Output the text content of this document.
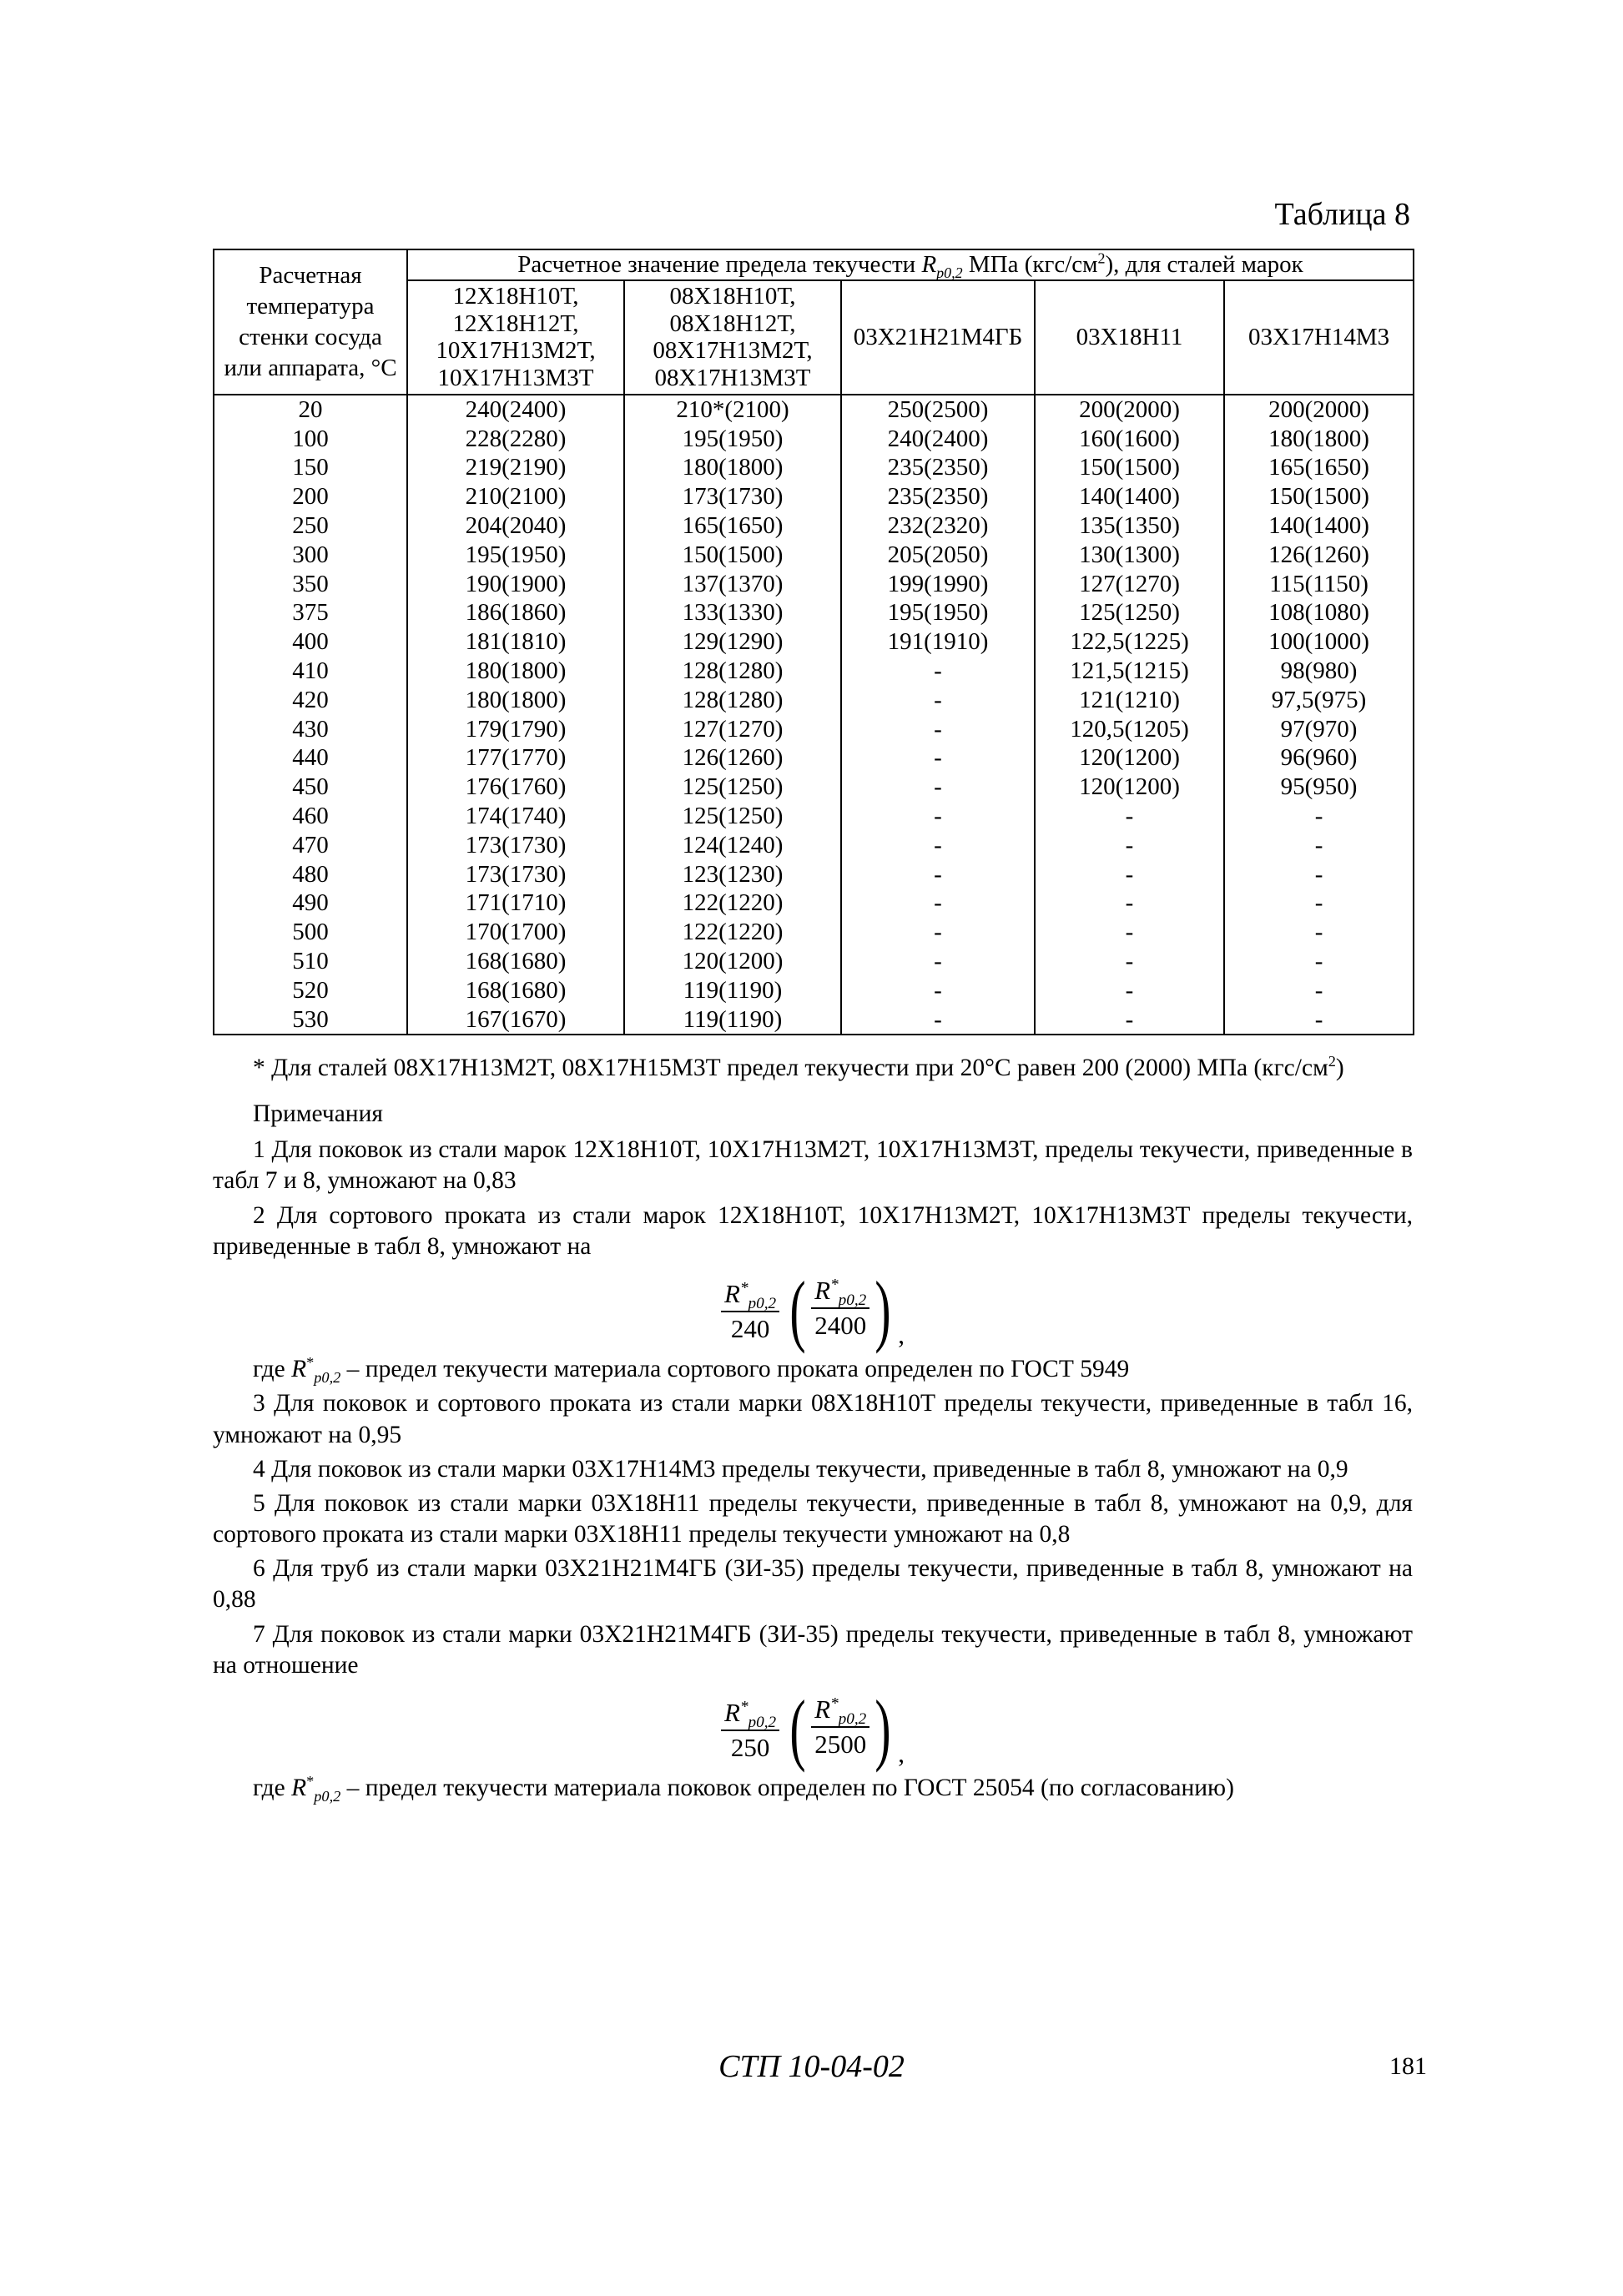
Таблица 8
Расчетная температура стенки сосуда или аппарата, °С	Расчетное значение предела текучести $R_{p0,2}$ МПа $(кгс/см^2)$, для сталей марок				

	12Х18Н10Т,
12Х18Н12Т,
10Х17Н13М2Т,
10Х17Н13М3Т	08Х18Н10Т,
08Х18Н12Т,
08Х17Н13М2Т,
08Х17Н13М3Т	03Х21Н21М4ГБ	03Х18Н11	03Х17Н14М3

20	240(2400)	210*(2100)	250(2500)	200(2000)	200(2000)
100	228(2280)	195(1950)	240(2400)	160(1600)	180(1800)
150	219(2190)	180(1800)	235(2350)	150(1500)	165(1650)
200	210(2100)	173(1730)	235(2350)	140(1400)	150(1500)
250	204(2040)	165(1650)	232(2320)	135(1350)	140(1400)
300	195(1950)	150(1500)	205(2050)	130(1300)	126(1260)
350	190(1900)	137(1370)	199(1990)	127(1270)	115(1150)
375	186(1860)	133(1330)	195(1950)	125(1250)	108(1080)
400	181(1810)	129(1290)	191(1910)	122,5(1225)	100(1000)
410	180(1800)	128(1280)	-	121,5(1215)	98(980)
420	180(1800)	128(1280)	-	121(1210)	97,5(975)
430	179(1790)	127(1270)	-	120,5(1205)	97(970)
440	177(1770)	126(1260)	-	120(1200)	96(960)
450	176(1760)	125(1250)	-	120(1200)	95(950)
460	174(1740)	125(1250)	-	-	-
470	173(1730)	124(1240)	-	-	-
480	173(1730)	123(1230)	-	-	-
490	171(1710)	122(1220)	-	-	-
500	170(1700)	122(1220)	-	-	-
510	168(1680)	120(1200)	-	-	-
520	168(1680)	119(1190)	-	-	-
530	167(1670)	119(1190)	-	-	-

* Для сталей 08Х17Н13М2Т, 08Х17Н15М3Т предел текучести при 20°С равен 200 (2000) МПа $(кгс/см^2)$

Примечания

1 Для поковок из стали марок 12Х18Н10Т, 10Х17Н13М2Т, 10Х17Н13М3Т, пределы текучести, приведенные в табл 7 и 8, умножают на 0,83

2 Для сортового проката из стали марок 12Х18Н10Т, 10Х17Н13М2Т, 10Х17Н13М3Т пределы текучести, приведенные в табл 8, умножают на

$\frac{R^*_{p0,2}}{240}$ ( $\frac{R^*_{p0,2}}{2400}$ ) ,

где $R^*_{p0,2}$ – предел текучести материала сортового проката определен по ГОСТ 5949

3 Для поковок и сортового проката из стали марки 08Х18Н10Т пределы текучести, приведенные в табл 16, умножают на 0,95

4 Для поковок из стали марки 03Х17Н14М3 пределы текучести, приведенные в табл 8, умножают на 0,9

5 Для поковок из стали марки 03Х18Н11 пределы текучести, приведенные в табл 8, умножают на 0,9, для сортового проката из стали марки 03Х18Н11 пределы текучести умножают на 0,8

6 Для труб из стали марки 03Х21Н21М4ГБ (ЗИ-35) пределы текучести, приведенные в табл 8, умножают на 0,88

7 Для поковок из стали марки 03Х21Н21М4ГБ (ЗИ-35) пределы текучести, приведенные в табл 8, умножают на отношение

$\frac{R^*_{p0,2}}{250}$ ( $\frac{R^*_{p0,2}}{2500}$ ) ,

где $R^*_{p0,2}$ – предел текучести материала поковок определен по ГОСТ 25054 (по согласованию)

СТП 10-04-02	181
